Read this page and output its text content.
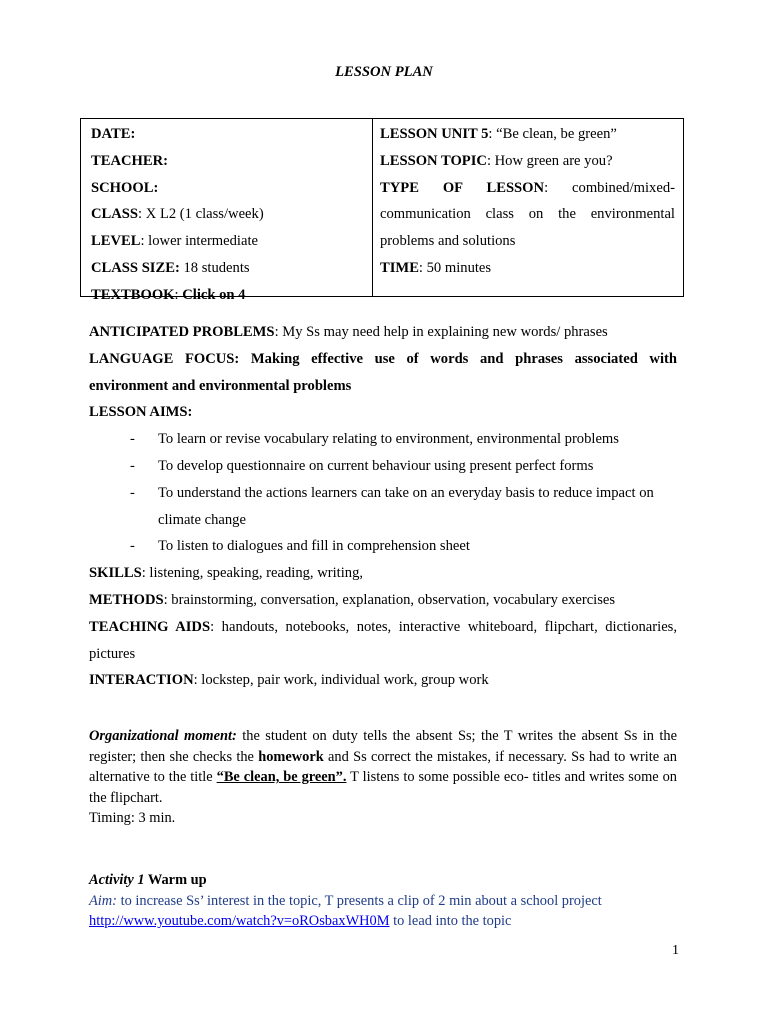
LESSON PLAN
DATE:
TEACHER:
SCHOOL:
CLASS: X L2 (1 class/week)
LEVEL: lower intermediate
CLASS SIZE: 18 students
TEXTBOOK: Click on 4
LESSON UNIT 5: “Be clean, be green”
LESSON TOPIC: How green are you?
TYPE OF LESSON: combined/mixed-
communication class on the environmental
problems and solutions
TIME: 50 minutes
ANTICIPATED PROBLEMS: My Ss may need help in explaining new words/ phrases
LANGUAGE FOCUS: Making effective use of words and phrases associated with environment and environmental problems
LESSON AIMS:
- To learn or revise vocabulary relating to environment, environmental problems
- To develop questionnaire on current behaviour using present perfect forms
- To understand the actions learners can take on an everyday basis to reduce impact on climate change
- To listen to dialogues and fill in comprehension sheet
SKILLS: listening, speaking, reading, writing,
METHODS: brainstorming, conversation, explanation, observation, vocabulary exercises
TEACHING AIDS: handouts, notebooks, notes, interactive whiteboard, flipchart, dictionaries, pictures
INTERACTION: lockstep, pair work, individual work, group work
Organizational moment: the student on duty tells the absent Ss; the T writes the absent Ss in the register; then she checks the homework and Ss correct the mistakes, if necessary. Ss had to write an alternative to the title “Be clean, be green”. T listens to some possible eco- titles and writes some on the flipchart.
Timing: 3 min.
Activity 1 Warm up
Aim: to increase Ss’ interest in the topic, T presents a clip of 2 min about a school project
http://www.youtube.com/watch?v=oROsbaxWH0M to lead into the topic
1
